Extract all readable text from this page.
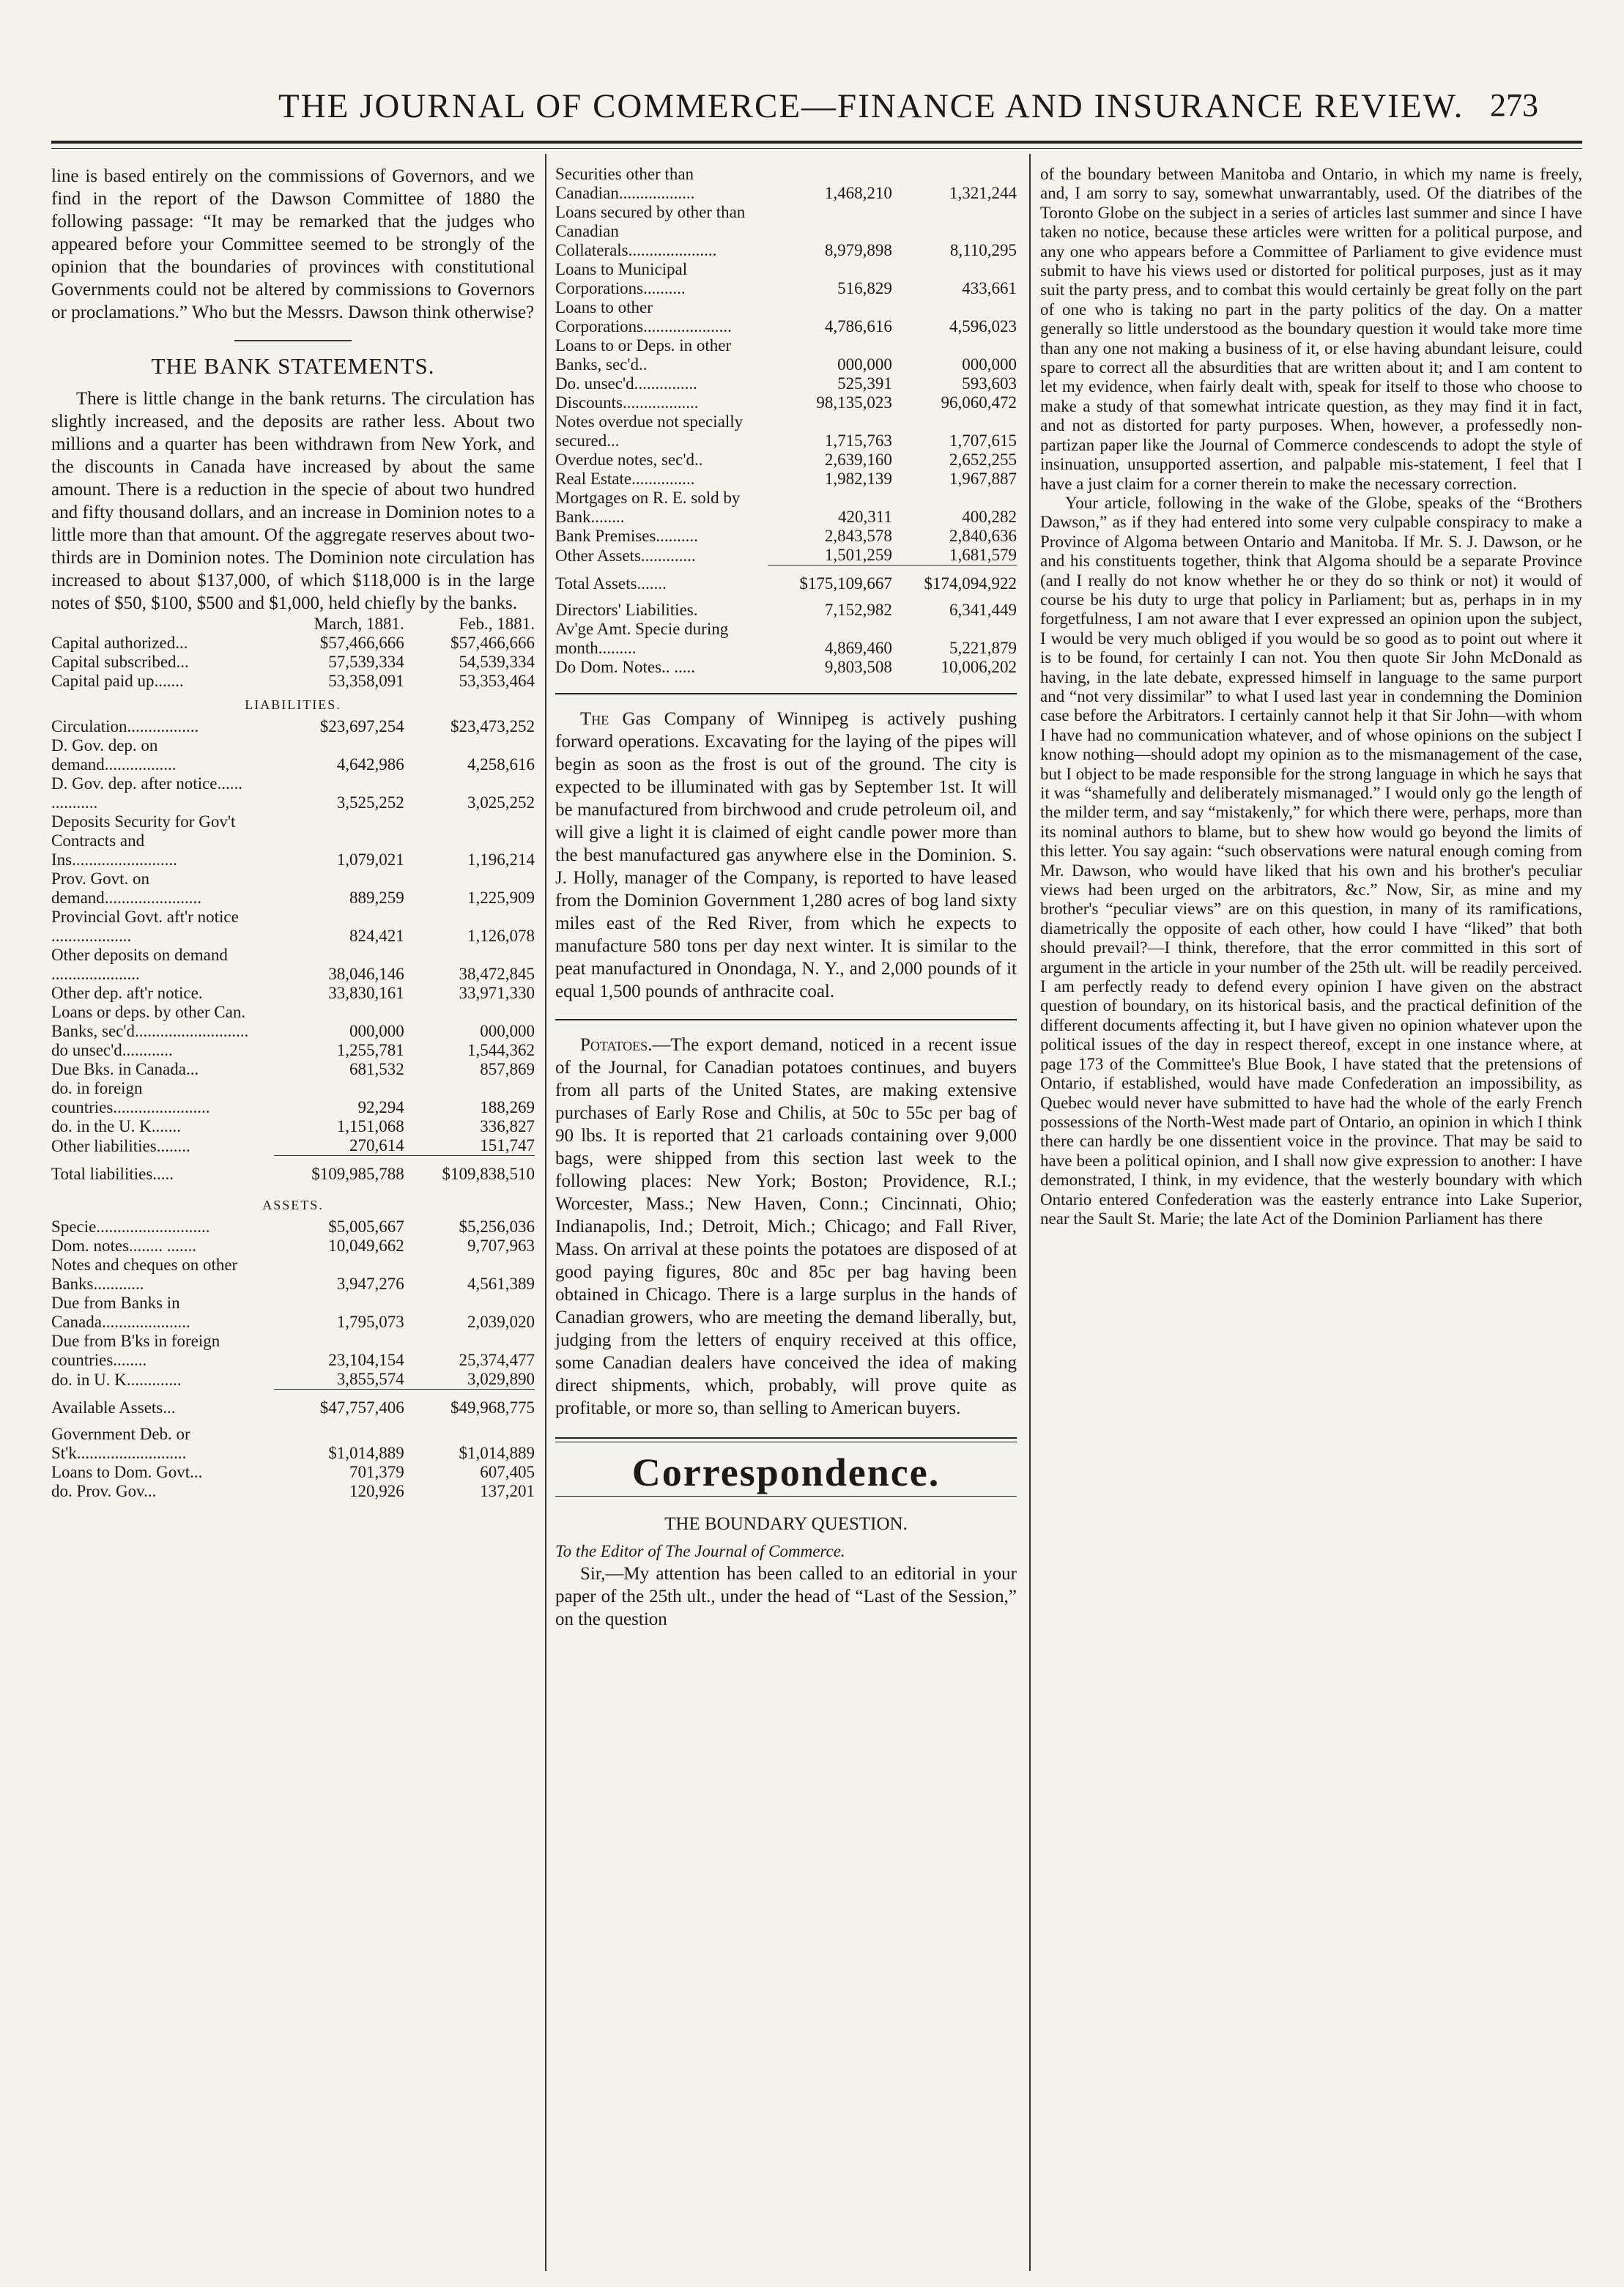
THE JOURNAL OF COMMERCE—FINANCE AND INSURANCE REVIEW. 273

line is based entirely on the commissions of Governors, and we find in the report of the Dawson Committee of 1880 the following passage: “It may be remarked that the judges who appeared before your Committee seemed to be strongly of the opinion that the boundaries of provinces with constitutional Governments could not be altered by commissions to Governors or proclamations.” Who but the Messrs. Dawson think otherwise?

THE BANK STATEMENTS.

There is little change in the bank returns. The circulation has slightly increased, and the deposits are rather less. About two millions and a quarter has been withdrawn from New York, and the discounts in Canada have increased by about the same amount. There is a reduction in the specie of about two hundred and fifty thousand dollars, and an increase in Dominion notes to a little more than that amount. Of the aggregate reserves about two-thirds are in Dominion notes. The Dominion note circulation has increased to about $137,000, of which $118,000 is in the large notes of $50, $100, $500 and $1,000, held chiefly by the banks.

	March, 1881.	Feb., 1881.
Capital authorized...	$57,466,666	$57,466,666
Capital subscribed...	57,539,334	54,539,334
Capital paid up.......	53,358,091	53,353,464
LIABILITIES.		
Circulation.................	$23,697,254	$23,473,252
D. Gov. dep. on demand.................	4,642,986	4,258,616
D. Gov. dep. after notice...... ...........	3,525,252	3,025,252
Deposits Security for Gov't Contracts and Ins.........................	1,079,021	1,196,214
Prov. Govt. on demand.......................	889,259	1,225,909
Provincial Govt. aft'r notice ...................	824,421	1,126,078
Other deposits on demand .....................	38,046,146	38,472,845
Other dep. aft'r notice.	33,830,161	33,971,330
Loans or deps. by other Can. Banks, sec'd...........................	000,000	000,000
do unsec'd............	1,255,781	1,544,362
Due Bks. in Canada...	681,532	857,869
do. in foreign countries.......................	92,294	188,269
do. in the U. K.......	1,151,068	336,827
Other liabilities........	270,614	151,747
Total liabilities.....	$109,985,788	$109,838,510
ASSETS.		
Specie...........................	$5,005,667	$5,256,036
Dom. notes........ .......	10,049,662	9,707,963
Notes and cheques on other Banks............	3,947,276	4,561,389
Due from Banks in Canada.....................	1,795,073	2,039,020
Due from B'ks in foreign countries........	23,104,154	25,374,477
do. in U. K.............	3,855,574	3,029,890
Available Assets...	$47,757,406	$49,968,775
Government Deb. or St'k..........................	$1,014,889	$1,014,889
Loans to Dom. Govt...	701,379	607,405
do. Prov. Gov...	120,926	137,201
Securities other than Canadian..................	1,468,210	1,321,244
Loans secured by other than Canadian Collaterals.....................	8,979,898	8,110,295
Loans to Municipal Corporations..........	516,829	433,661
Loans to other Corporations.....................	4,786,616	4,596,023
Loans to or Deps. in other Banks, sec'd..	000,000	000,000
Do. unsec'd...............	525,391	593,603
Discounts..................	98,135,023	96,060,472
Notes overdue not specially secured...	1,715,763	1,707,615
Overdue notes, sec'd..	2,639,160	2,652,255
Real Estate...............	1,982,139	1,967,887
Mortgages on R. E. sold by Bank........	420,311	400,282
Bank Premises..........	2,843,578	2,840,636
Other Assets.............	1,501,259	1,681,579
Total Assets.......	$175,109,667	$174,094,922
Directors' Liabilities.	7,152,982	6,341,449
Av'ge Amt. Specie during month.........	4,869,460	5,221,879
Do Dom. Notes.. .....	9,803,508	10,006,202

The Gas Company of Winnipeg is actively pushing forward operations. Excavating for the laying of the pipes will begin as soon as the frost is out of the ground. The city is expected to be illuminated with gas by September 1st. It will be manufactured from birchwood and crude petroleum oil, and will give a light it is claimed of eight candle power more than the best manufactured gas anywhere else in the Dominion. S. J. Holly, manager of the Company, is reported to have leased from the Dominion Government 1,280 acres of bog land sixty miles east of the Red River, from which he expects to manufacture 580 tons per day next winter. It is similar to the peat manufactured in Onondaga, N. Y., and 2,000 pounds of it equal 1,500 pounds of anthracite coal.

Potatoes.—The export demand, noticed in a recent issue of the Journal, for Canadian potatoes continues, and buyers from all parts of the United States, are making extensive purchases of Early Rose and Chilis, at 50c to 55c per bag of 90 lbs. It is reported that 21 carloads containing over 9,000 bags, were shipped from this section last week to the following places: New York; Boston; Providence, R.I.; Worcester, Mass.; New Haven, Conn.; Cincinnati, Ohio; Indianapolis, Ind.; Detroit, Mich.; Chicago; and Fall River, Mass. On arrival at these points the potatoes are disposed of at good paying figures, 80c and 85c per bag having been obtained in Chicago. There is a large surplus in the hands of Canadian growers, who are meeting the demand liberally, but, judging from the letters of enquiry received at this office, some Canadian dealers have conceived the idea of making direct shipments, which, probably, will prove quite as profitable, or more so, than selling to American buyers.

Correspondence.
THE BOUNDARY QUESTION.
To the Editor of The Journal of Commerce.

Sir,—My attention has been called to an editorial in your paper of the 25th ult., under the head of “Last of the Session,” on the question

of the boundary between Manitoba and Ontario, in which my name is freely, and, I am sorry to say, somewhat unwarrantably, used. Of the diatribes of the Toronto Globe on the subject in a series of articles last summer and since I have taken no notice, because these articles were written for a political purpose, and any one who appears before a Committee of Parliament to give evidence must submit to have his views used or distorted for political purposes, just as it may suit the party press, and to combat this would certainly be great folly on the part of one who is taking no part in the party politics of the day. On a matter generally so little understood as the boundary question it would take more time than any one not making a business of it, or else having abundant leisure, could spare to correct all the absurdities that are written about it; and I am content to let my evidence, when fairly dealt with, speak for itself to those who choose to make a study of that somewhat intricate question, as they may find it in fact, and not as distorted for party purposes. When, however, a professedly non-partizan paper like the Journal of Commerce condescends to adopt the style of insinuation, unsupported assertion, and palpable mis-statement, I feel that I have a just claim for a corner therein to make the necessary correction.

Your article, following in the wake of the Globe, speaks of the “Brothers Dawson,” as if they had entered into some very culpable conspiracy to make a Province of Algoma between Ontario and Manitoba. If Mr. S. J. Dawson, or he and his constituents together, think that Algoma should be a separate Province (and I really do not know whether he or they do so think or not) it would of course be his duty to urge that policy in Parliament; but as, perhaps in in my forgetfulness, I am not aware that I ever expressed an opinion upon the subject, I would be very much obliged if you would be so good as to point out where it is to be found, for certainly I can not. You then quote Sir John McDonald as having, in the late debate, expressed himself in language to the same purport and “not very dissimilar” to what I used last year in condemning the Dominion case before the Arbitrators. I certainly cannot help it that Sir John—with whom I have had no communication whatever, and of whose opinions on the subject I know nothing—should adopt my opinion as to the mismanagement of the case, but I object to be made responsible for the strong language in which he says that it was “shamefully and deliberately mismanaged.” I would only go the length of the milder term, and say “mistakenly,” for which there were, perhaps, more than its nominal authors to blame, but to shew how would go beyond the limits of this letter. You say again: “such observations were natural enough coming from Mr. Dawson, who would have liked that his own and his brother's peculiar views had been urged on the arbitrators, &c.” Now, Sir, as mine and my brother's “peculiar views” are on this question, in many of its ramifications, diametrically the opposite of each other, how could I have “liked” that both should prevail?—I think, therefore, that the error committed in this sort of argument in the article in your number of the 25th ult. will be readily perceived. I am perfectly ready to defend every opinion I have given on the abstract question of boundary, on its historical basis, and the practical definition of the different documents affecting it, but I have given no opinion whatever upon the political issues of the day in respect thereof, except in one instance where, at page 173 of the Committee's Blue Book, I have stated that the pretensions of Ontario, if established, would have made Confederation an impossibility, as Quebec would never have submitted to have had the whole of the early French possessions of the North-West made part of Ontario, an opinion in which I think there can hardly be one dissentient voice in the province. That may be said to have been a political opinion, and I shall now give expression to another: I have demonstrated, I think, in my evidence, that the westerly boundary with which Ontario entered Confederation was the easterly entrance into Lake Superior, near the Sault St. Marie; the late Act of the Dominion Parliament has there
